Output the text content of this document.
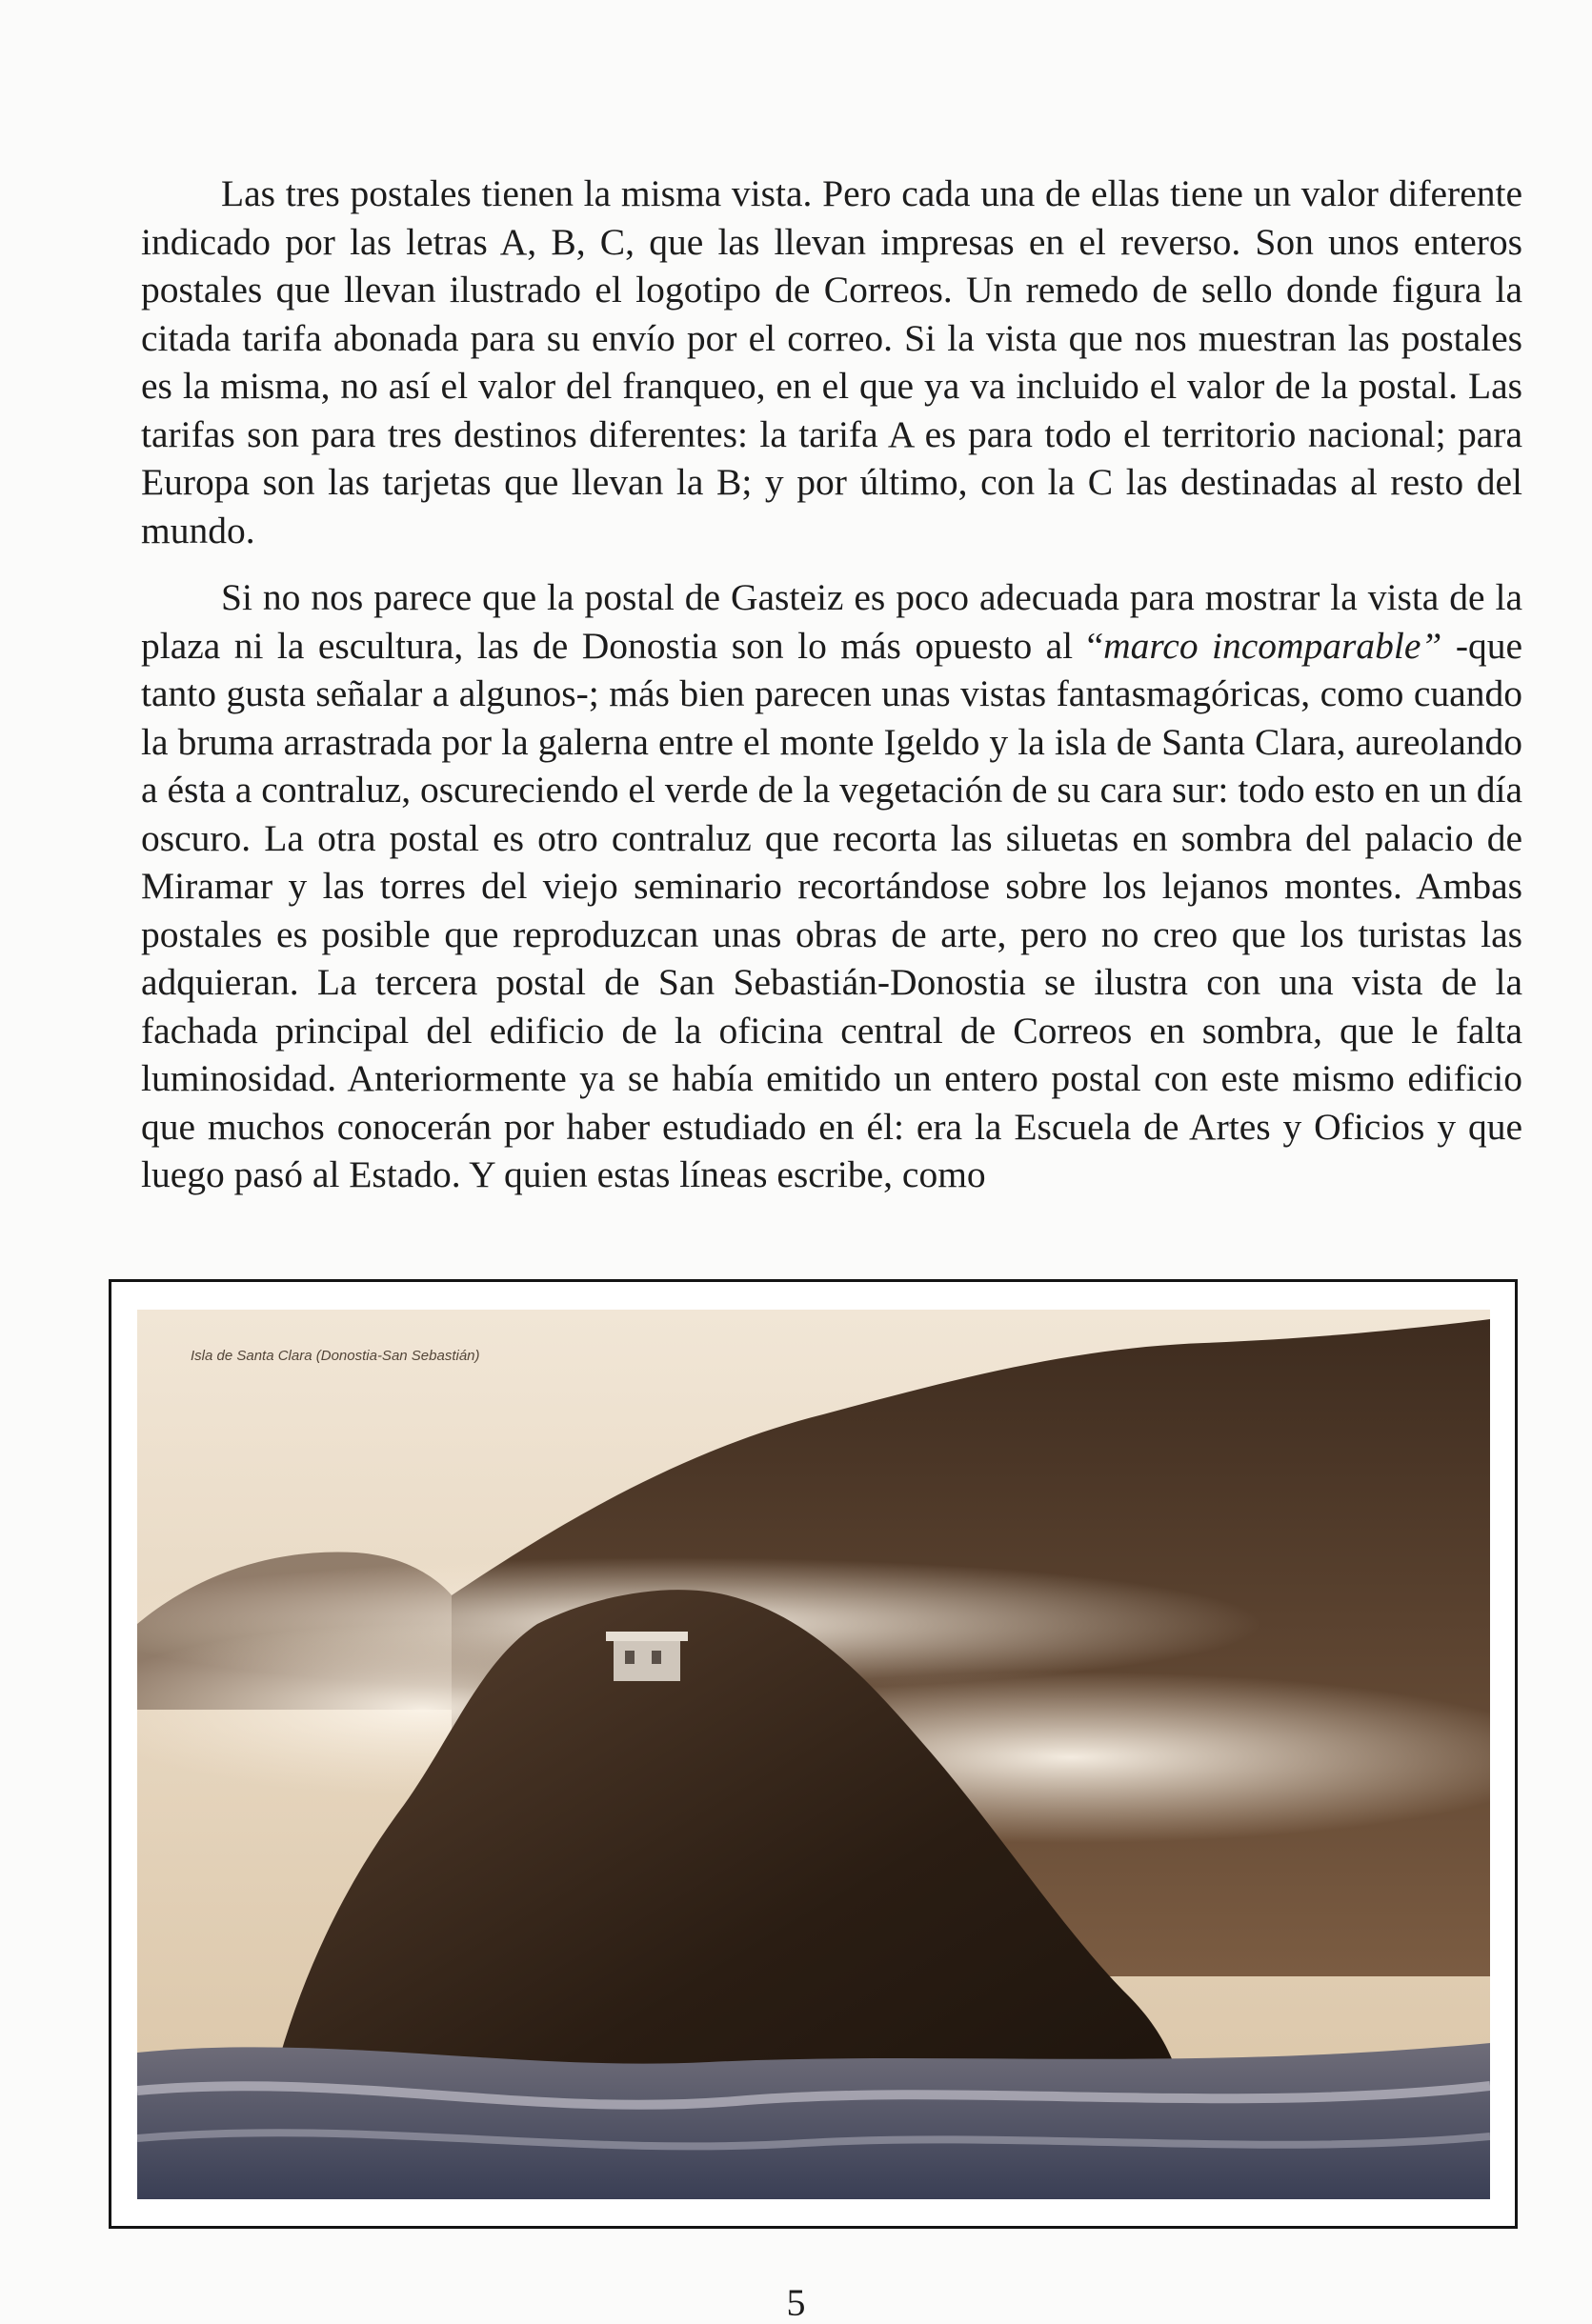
Las tres postales tienen la misma vista. Pero cada una de ellas tiene un valor diferente indicado por las letras A, B, C, que las llevan impresas en el reverso. Son unos enteros postales que llevan ilustrado el logotipo de Correos. Un remedo de sello donde figura la citada tarifa abonada para su envío por el correo. Si la vista que nos muestran las postales es la misma, no así el valor del franqueo, en el que ya va incluido el valor de la postal. Las tarifas son para tres destinos diferentes: la tarifa A es para todo el territorio nacional; para Europa son las tarjetas que llevan la B; y por último, con la C las destinadas al resto del mundo.

Si no nos parece que la postal de Gasteiz es poco adecuada para mostrar la vista de la plaza ni la escultura, las de Donostia son lo más opuesto al “marco incomparable” -que tanto gusta señalar a algunos-; más bien parecen unas vistas fantasmagóricas, como cuando la bruma arrastrada por la galerna entre el monte Igeldo y la isla de Santa Clara, aureolando a ésta a contraluz, oscureciendo el verde de la vegetación de su cara sur: todo esto en un día oscuro. La otra postal es otro contraluz que recorta las siluetas en sombra del palacio de Miramar y las torres del viejo seminario recortándose sobre los lejanos montes. Ambas postales es posible que reproduzcan unas obras de arte, pero no creo que los turistas las adquieran. La tercera postal de San Sebastián-Donostia se ilustra con una vista de la fachada principal del edificio de la oficina central de Correos en sombra, que le falta luminosidad. Anteriormente ya se había emitido un entero postal con este mismo edificio que muchos conocerán por haber estudiado en él: era la Escuela de Artes y Oficios y que luego pasó al Estado. Y quien estas líneas escribe, como

Isla de Santa Clara (Donostia-San Sebastián)
5
